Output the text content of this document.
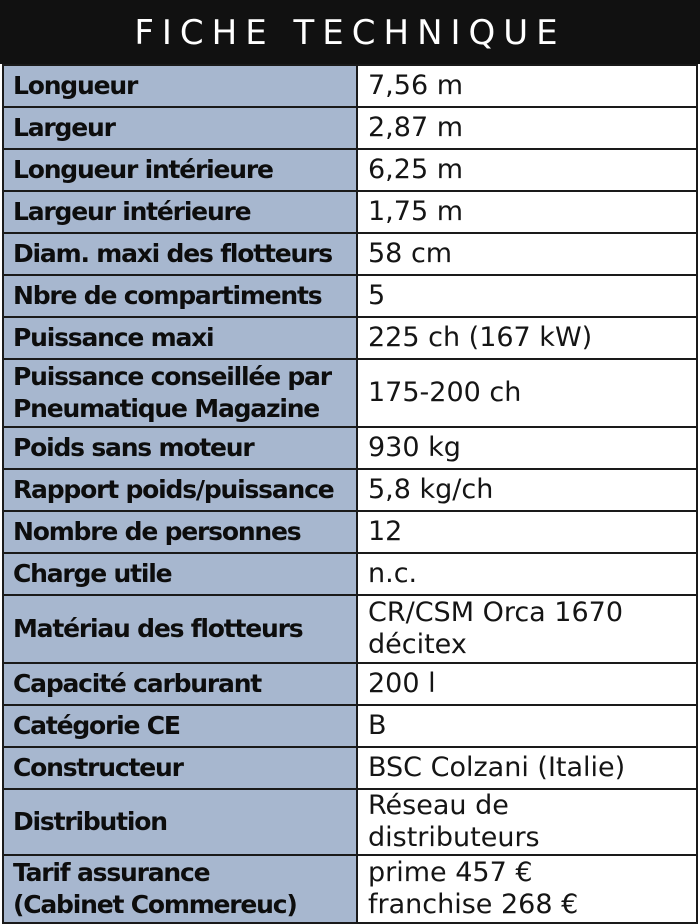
FICHE TECHNIQUE
Longueur	7,56 m
Largeur	2,87 m
Longueur intérieure	6,25 m
Largeur intérieure	1,75 m
Diam. maxi des flotteurs	58 cm
Nbre de compartiments	5
Puissance maxi	225 ch (167 kW)
Puissance conseillée par
Pneumatique Magazine	175-200 ch
Poids sans moteur	930 kg
Rapport poids/puissance	5,8 kg/ch
Nombre de personnes	12
Charge utile	n.c.
Matériau des flotteurs	CR/CSM Orca 1670
décitex
Capacité carburant	200 l
Catégorie CE	B
Constructeur	BSC Colzani (Italie)
Distribution	Réseau de distributeurs
Tarif assurance
(Cabinet Commereuc)	prime 457 €
franchise 268 €
